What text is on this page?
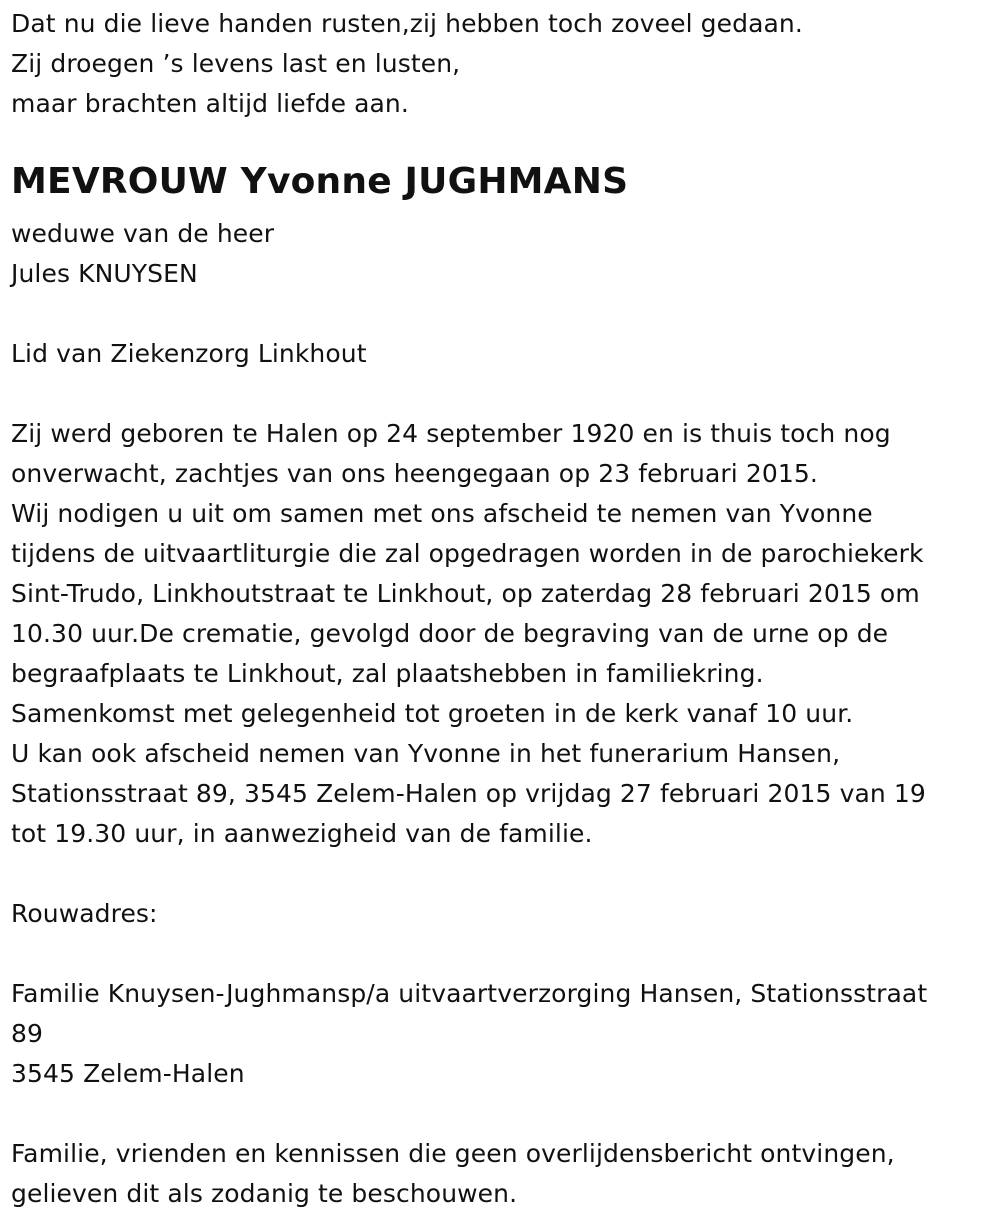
Dat nu die lieve handen rusten,zij hebben toch zoveel gedaan.
Zij droegen ’s levens last en lusten,
maar brachten altijd liefde aan.
MEVROUW Yvonne JUGHMANS
weduwe van de heer
Jules KNUYSEN
Lid van Ziekenzorg Linkhout
Zij werd geboren te Halen op 24 september 1920 en is thuis toch nog
onverwacht, zachtjes van ons heengegaan op 23 februari 2015.
Wij nodigen u uit om samen met ons afscheid te nemen van Yvonne
tijdens de uitvaartliturgie die zal opgedragen worden in de parochiekerk
Sint-Trudo, Linkhoutstraat te Linkhout, op zaterdag 28 februari 2015 om
10.30 uur.De crematie, gevolgd door de begraving van de urne op de
begraafplaats te Linkhout, zal plaatshebben in familiekring.
Samenkomst met gelegenheid tot groeten in de kerk vanaf 10 uur.
U kan ook afscheid nemen van Yvonne in het funerarium Hansen,
Stationsstraat 89, 3545 Zelem-Halen op vrijdag 27 februari 2015 van 19
tot 19.30 uur, in aanwezigheid van de familie.
Rouwadres:
Familie Knuysen-Jughmansp/a uitvaartverzorging Hansen, Stationsstraat
89
3545 Zelem-Halen
Familie, vrienden en kennissen die geen overlijdensbericht ontvingen,
gelieven dit als zodanig te beschouwen.
